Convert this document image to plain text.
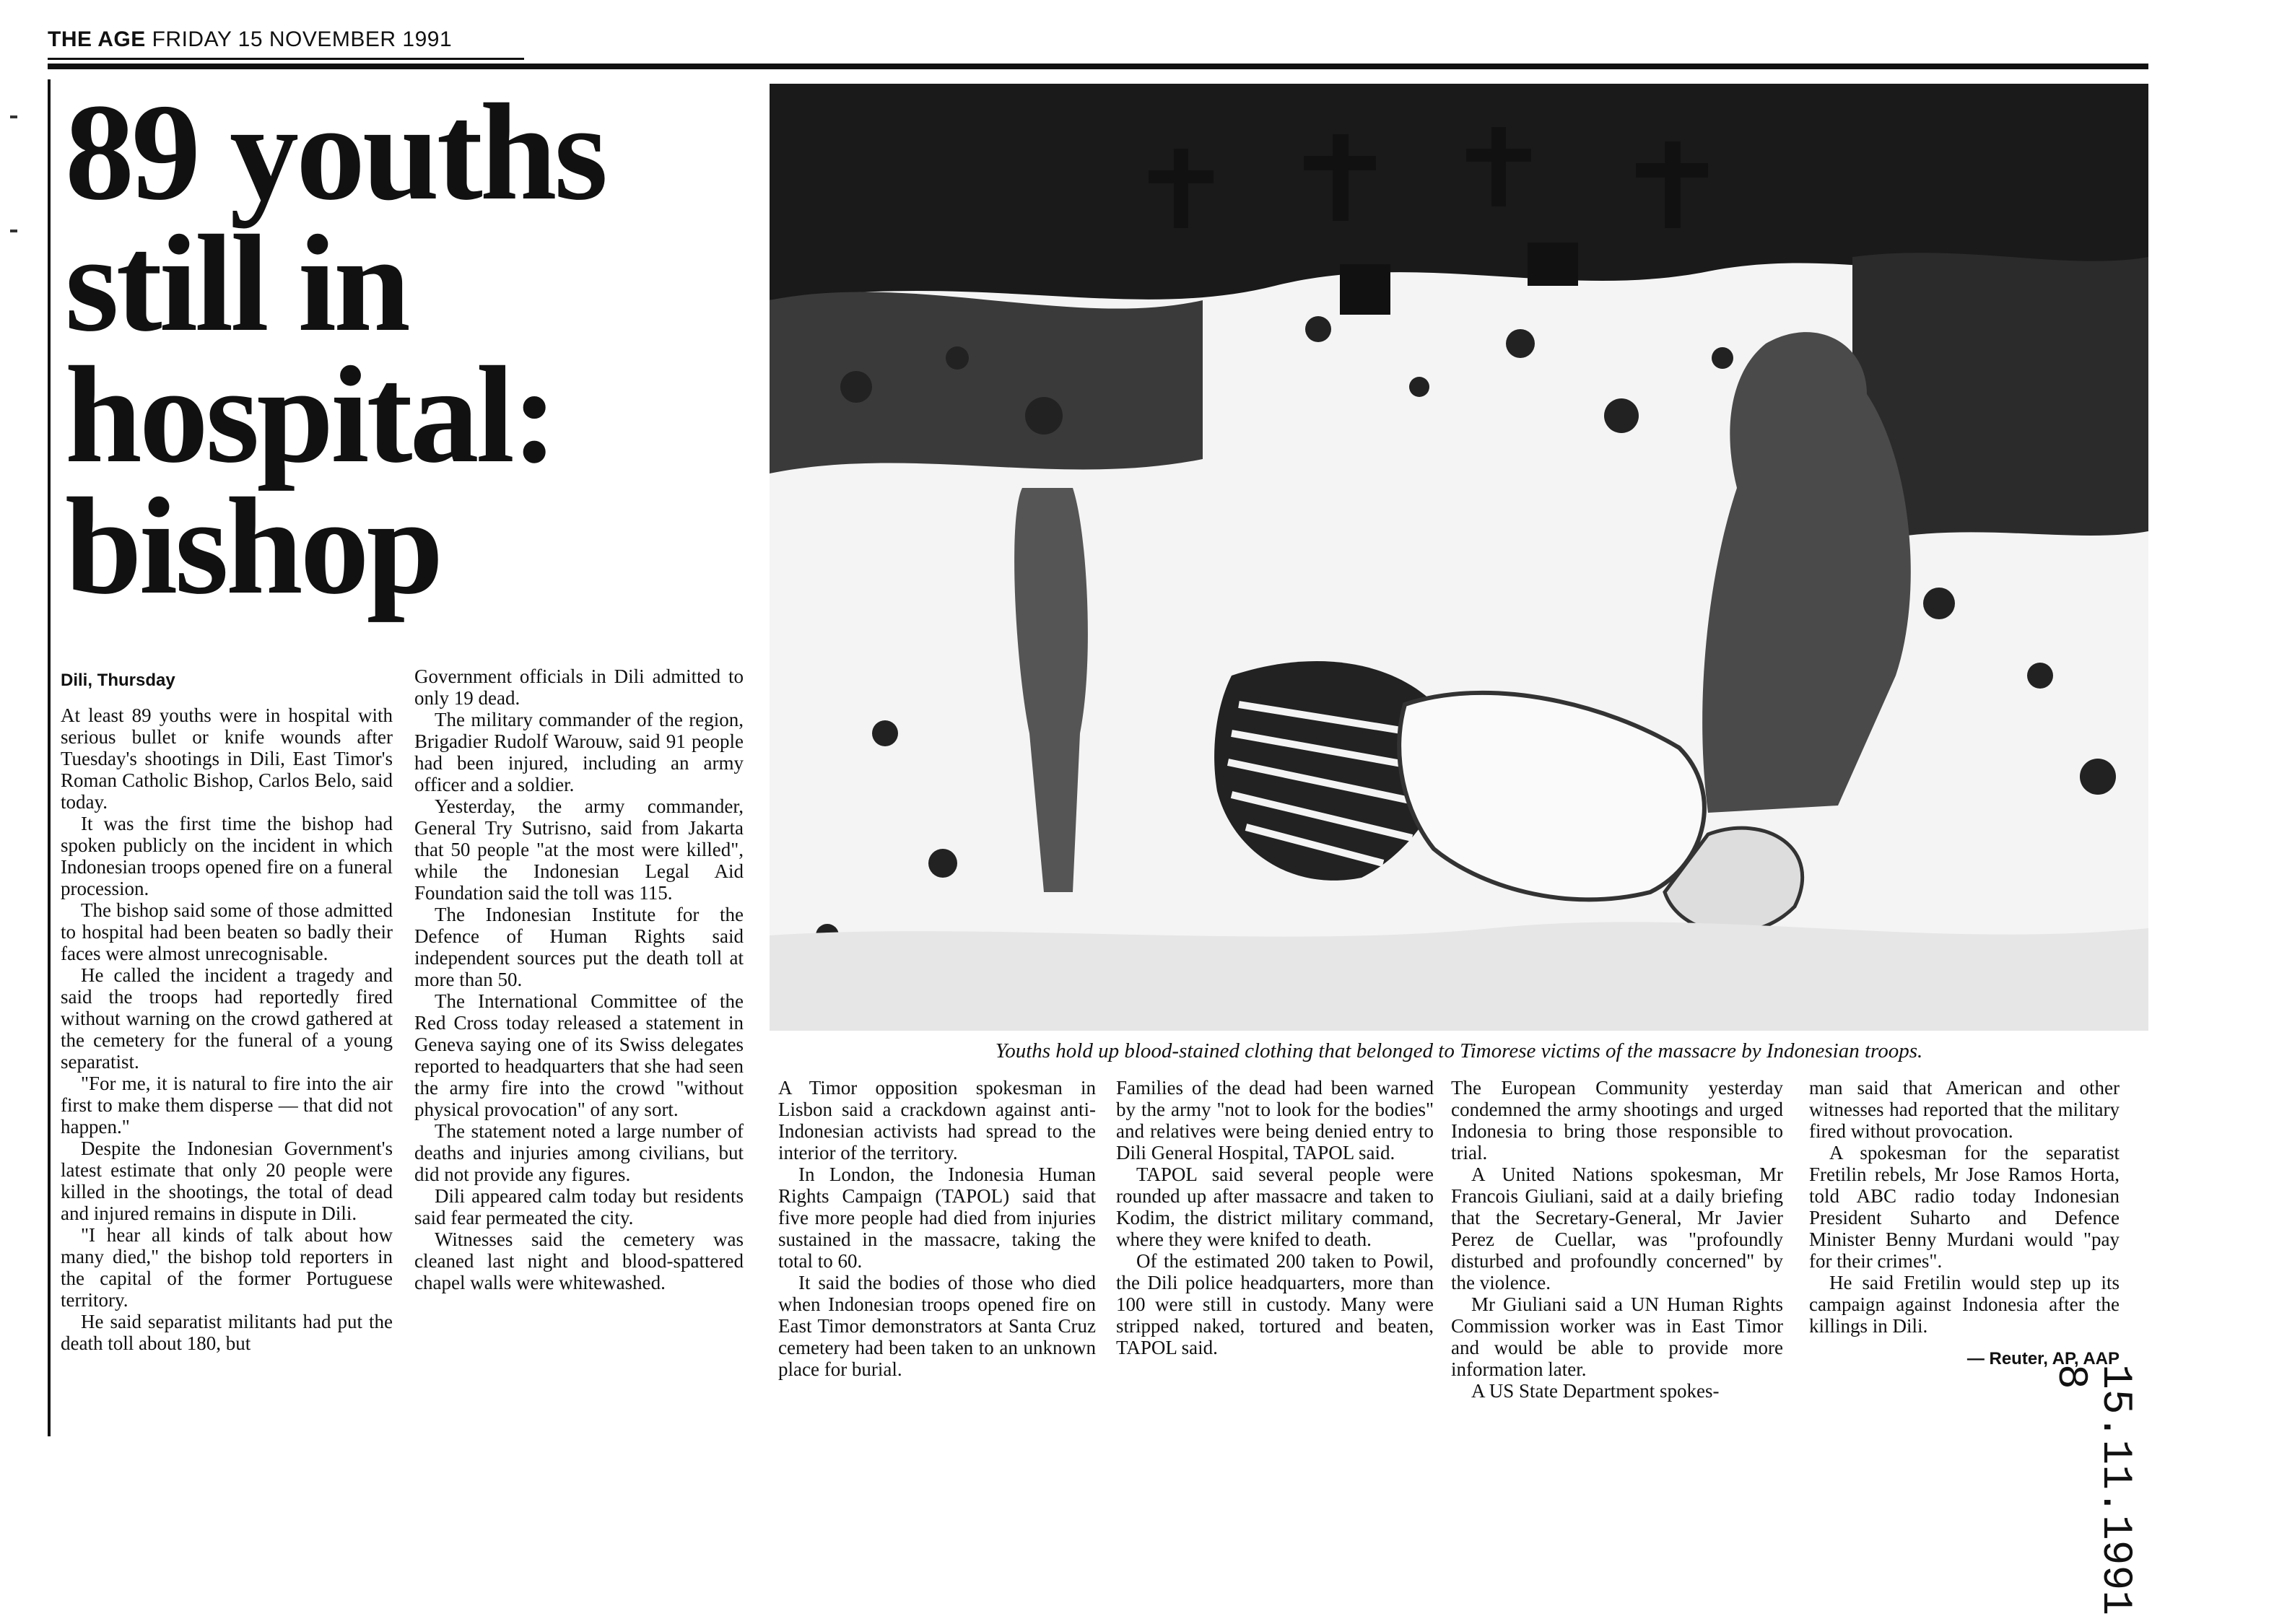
THE AGE FRIDAY 15 NOVEMBER 1991
89 youths still in hospital: bishop
Dili, Thursday

At least 89 youths were in hospital with serious bullet or knife wounds after Tuesday's shootings in Dili, East Timor's Roman Catholic Bishop, Carlos Belo, said today.

It was the first time the bishop had spoken publicly on the incident in which Indonesian troops opened fire on a funeral procession.

The bishop said some of those admitted to hospital had been beaten so badly their faces were almost unrecognisable.

He called the incident a tragedy and said the troops had reportedly fired without warning on the crowd gathered at the cemetery for the funeral of a young separatist.

"For me, it is natural to fire into the air first to make them disperse — that did not happen."

Despite the Indonesian Government's latest estimate that only 20 people were killed in the shootings, the total of dead and injured remains in dispute in Dili.

"I hear all kinds of talk about how many died," the bishop told reporters in the capital of the former Portuguese territory.

He said separatist militants had put the death toll about 180, but

Government officials in Dili admitted to only 19 dead.

The military commander of the region, Brigadier Rudolf Warouw, said 91 people had been injured, including an army officer and a soldier.

Yesterday, the army commander, General Try Sutrisno, said from Jakarta that 50 people "at the most were killed", while the Indonesian Legal Aid Foundation said the toll was 115.

The Indonesian Institute for the Defence of Human Rights said independent sources put the death toll at more than 50.

The International Committee of the Red Cross today released a statement in Geneva saying one of its Swiss delegates reported to headquarters that she had seen the army fire into the crowd "without physical provocation" of any sort.

The statement noted a large number of deaths and injuries among civilians, but did not provide any figures.

Dili appeared calm today but residents said fear permeated the city.

Witnesses said the cemetery was cleaned last night and blood-spattered chapel walls were whitewashed.

Youths hold up blood-stained clothing that belonged to Timorese victims of the massacre by Indonesian troops.

A Timor opposition spokesman in Lisbon said a crackdown against anti-Indonesian activists had spread to the interior of the territory.

In London, the Indonesia Human Rights Campaign (TAPOL) said that five more people had died from injuries sustained in the massacre, taking the total to 60.

It said the bodies of those who died when Indonesian troops opened fire on East Timor demonstrators at Santa Cruz cemetery had been taken to an unknown place for burial.

Families of the dead had been warned by the army "not to look for the bodies" and relatives were being denied entry to Dili General Hospital, TAPOL said.

TAPOL said several people were rounded up after massacre and taken to Kodim, the district military command, where they were knifed to death.

Of the estimated 200 taken to Powil, the Dili police headquarters, more than 100 were still in custody. Many were stripped naked, tortured and beaten, TAPOL said.

The European Community yesterday condemned the army shootings and urged Indonesia to bring those responsible to trial.

A United Nations spokesman, Mr Francois Giuliani, said at a daily briefing that the Secretary-General, Mr Javier Perez de Cuellar, was "profoundly disturbed and profoundly concerned" by the violence.

Mr Giuliani said a UN Human Rights Commission worker was in East Timor and would be able to provide more information later.

A US State Department spokes-

man said that American and other witnesses had reported that the military fired without provocation.

A spokesman for the separatist Fretilin rebels, Mr Jose Ramos Horta, told ABC radio today Indonesian President Suharto and Defence Minister Benny Murdani would "pay for their crimes".

He said Fretilin would step up its campaign against Indonesia after the killings in Dili.

— Reuter, AP, AAP
15.11.1991
8
